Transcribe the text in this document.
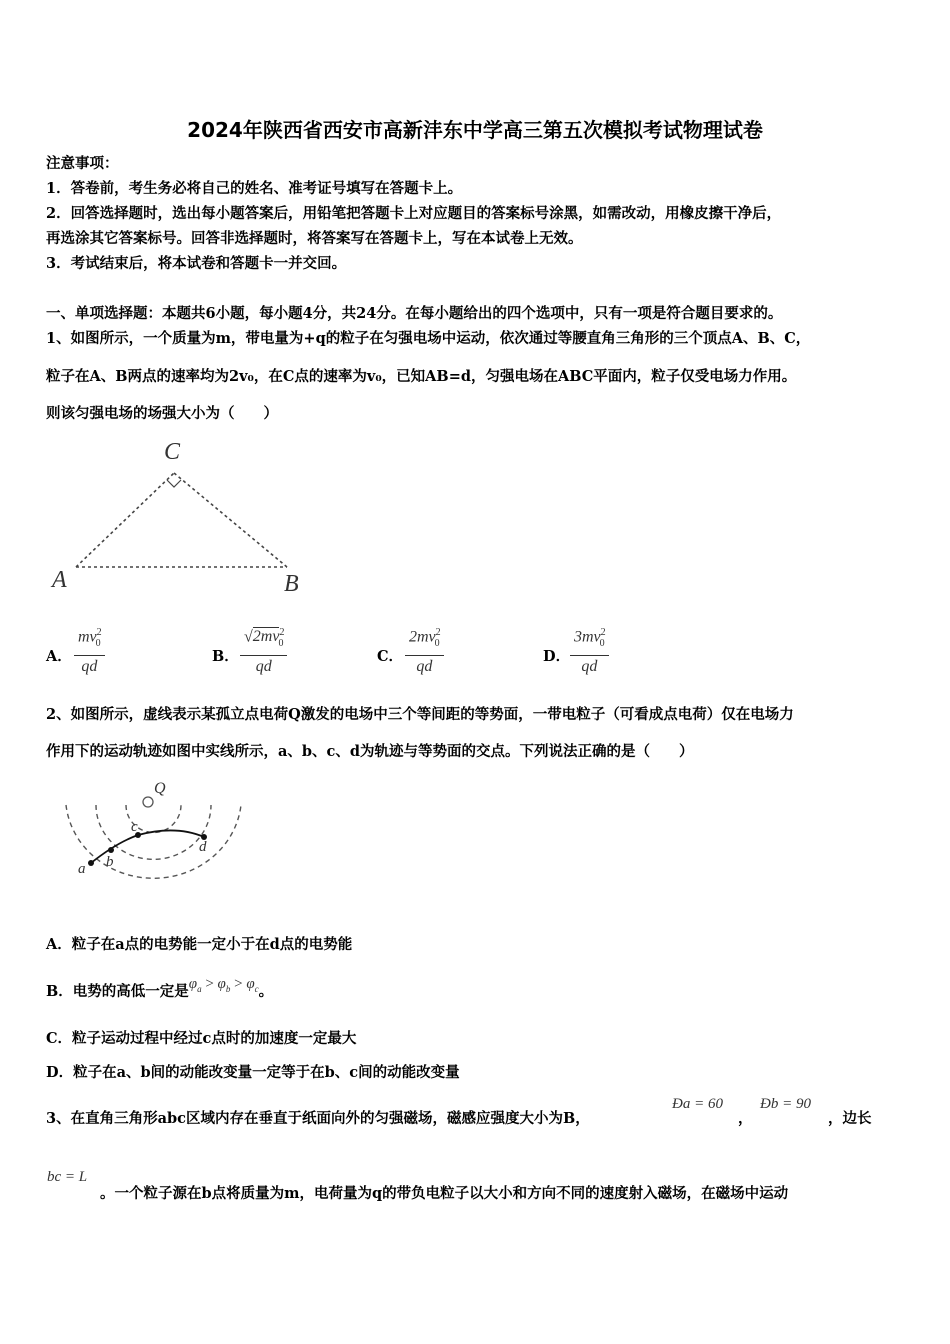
2024年陕西省西安市高新沣东中学高三第五次模拟考试物理试卷
注意事项：
1．答卷前，考生务必将自己的姓名、准考证号填写在答题卡上。
2．回答选择题时，选出每小题答案后，用铅笔把答题卡上对应题目的答案标号涂黑，如需改动，用橡皮擦干净后，
再选涂其它答案标号。回答非选择题时，将答案写在答题卡上，写在本试卷上无效。
3．考试结束后，将本试卷和答题卡一并交回。
一、单项选择题：本题共6小题，每小题4分，共24分。在每小题给出的四个选项中，只有一项是符合题目要求的。
1、如图所示，一个质量为m，带电量为+q的粒子在匀强电场中运动，依次通过等腰直角三角形的三个顶点A、B、C，
粒子在A、B两点的速率均为2v₀，在C点的速率为v₀，已知AB=d，匀强电场在ABC平面内，粒子仅受电场力作用。
则该匀强电场的场强大小为（　　）
C
A	B
A． $\frac{mv^2_0}{qd}$	B． $\frac{√2mv^2_0}{qd}$	C． $\frac{2mv^2_0}{qd}$	D． $\frac{3mv^2_0}{qd}$
2、如图所示，虚线表示某孤立点电荷Q激发的电场中三个等间距的等势面，一带电粒子（可看成点电荷）仅在电场力
作用下的运动轨迹如图中实线所示，a、b、c、d为轨迹与等势面的交点。下列说法正确的是（　　）
Q
a b
c
d
A．粒子在a点的电势能一定小于在d点的电势能
B．电势的高低一定是$\varphi_a > \varphi_b > \varphi_c$。
C．粒子运动过程中经过c点时的加速度一定最大
D．粒子在a、b间的动能改变量一定等于在b、c间的动能改变量
3、在直角三角形abc区域内存在垂直于纸面向外的匀强磁场，磁感应强度大小为B，
Ða = 60
，
Ðb = 90
，边长
bc = L
。一个粒子源在b点将质量为m，电荷量为q的带负电粒子以大小和方向不同的速度射入磁场，在磁场中运动
